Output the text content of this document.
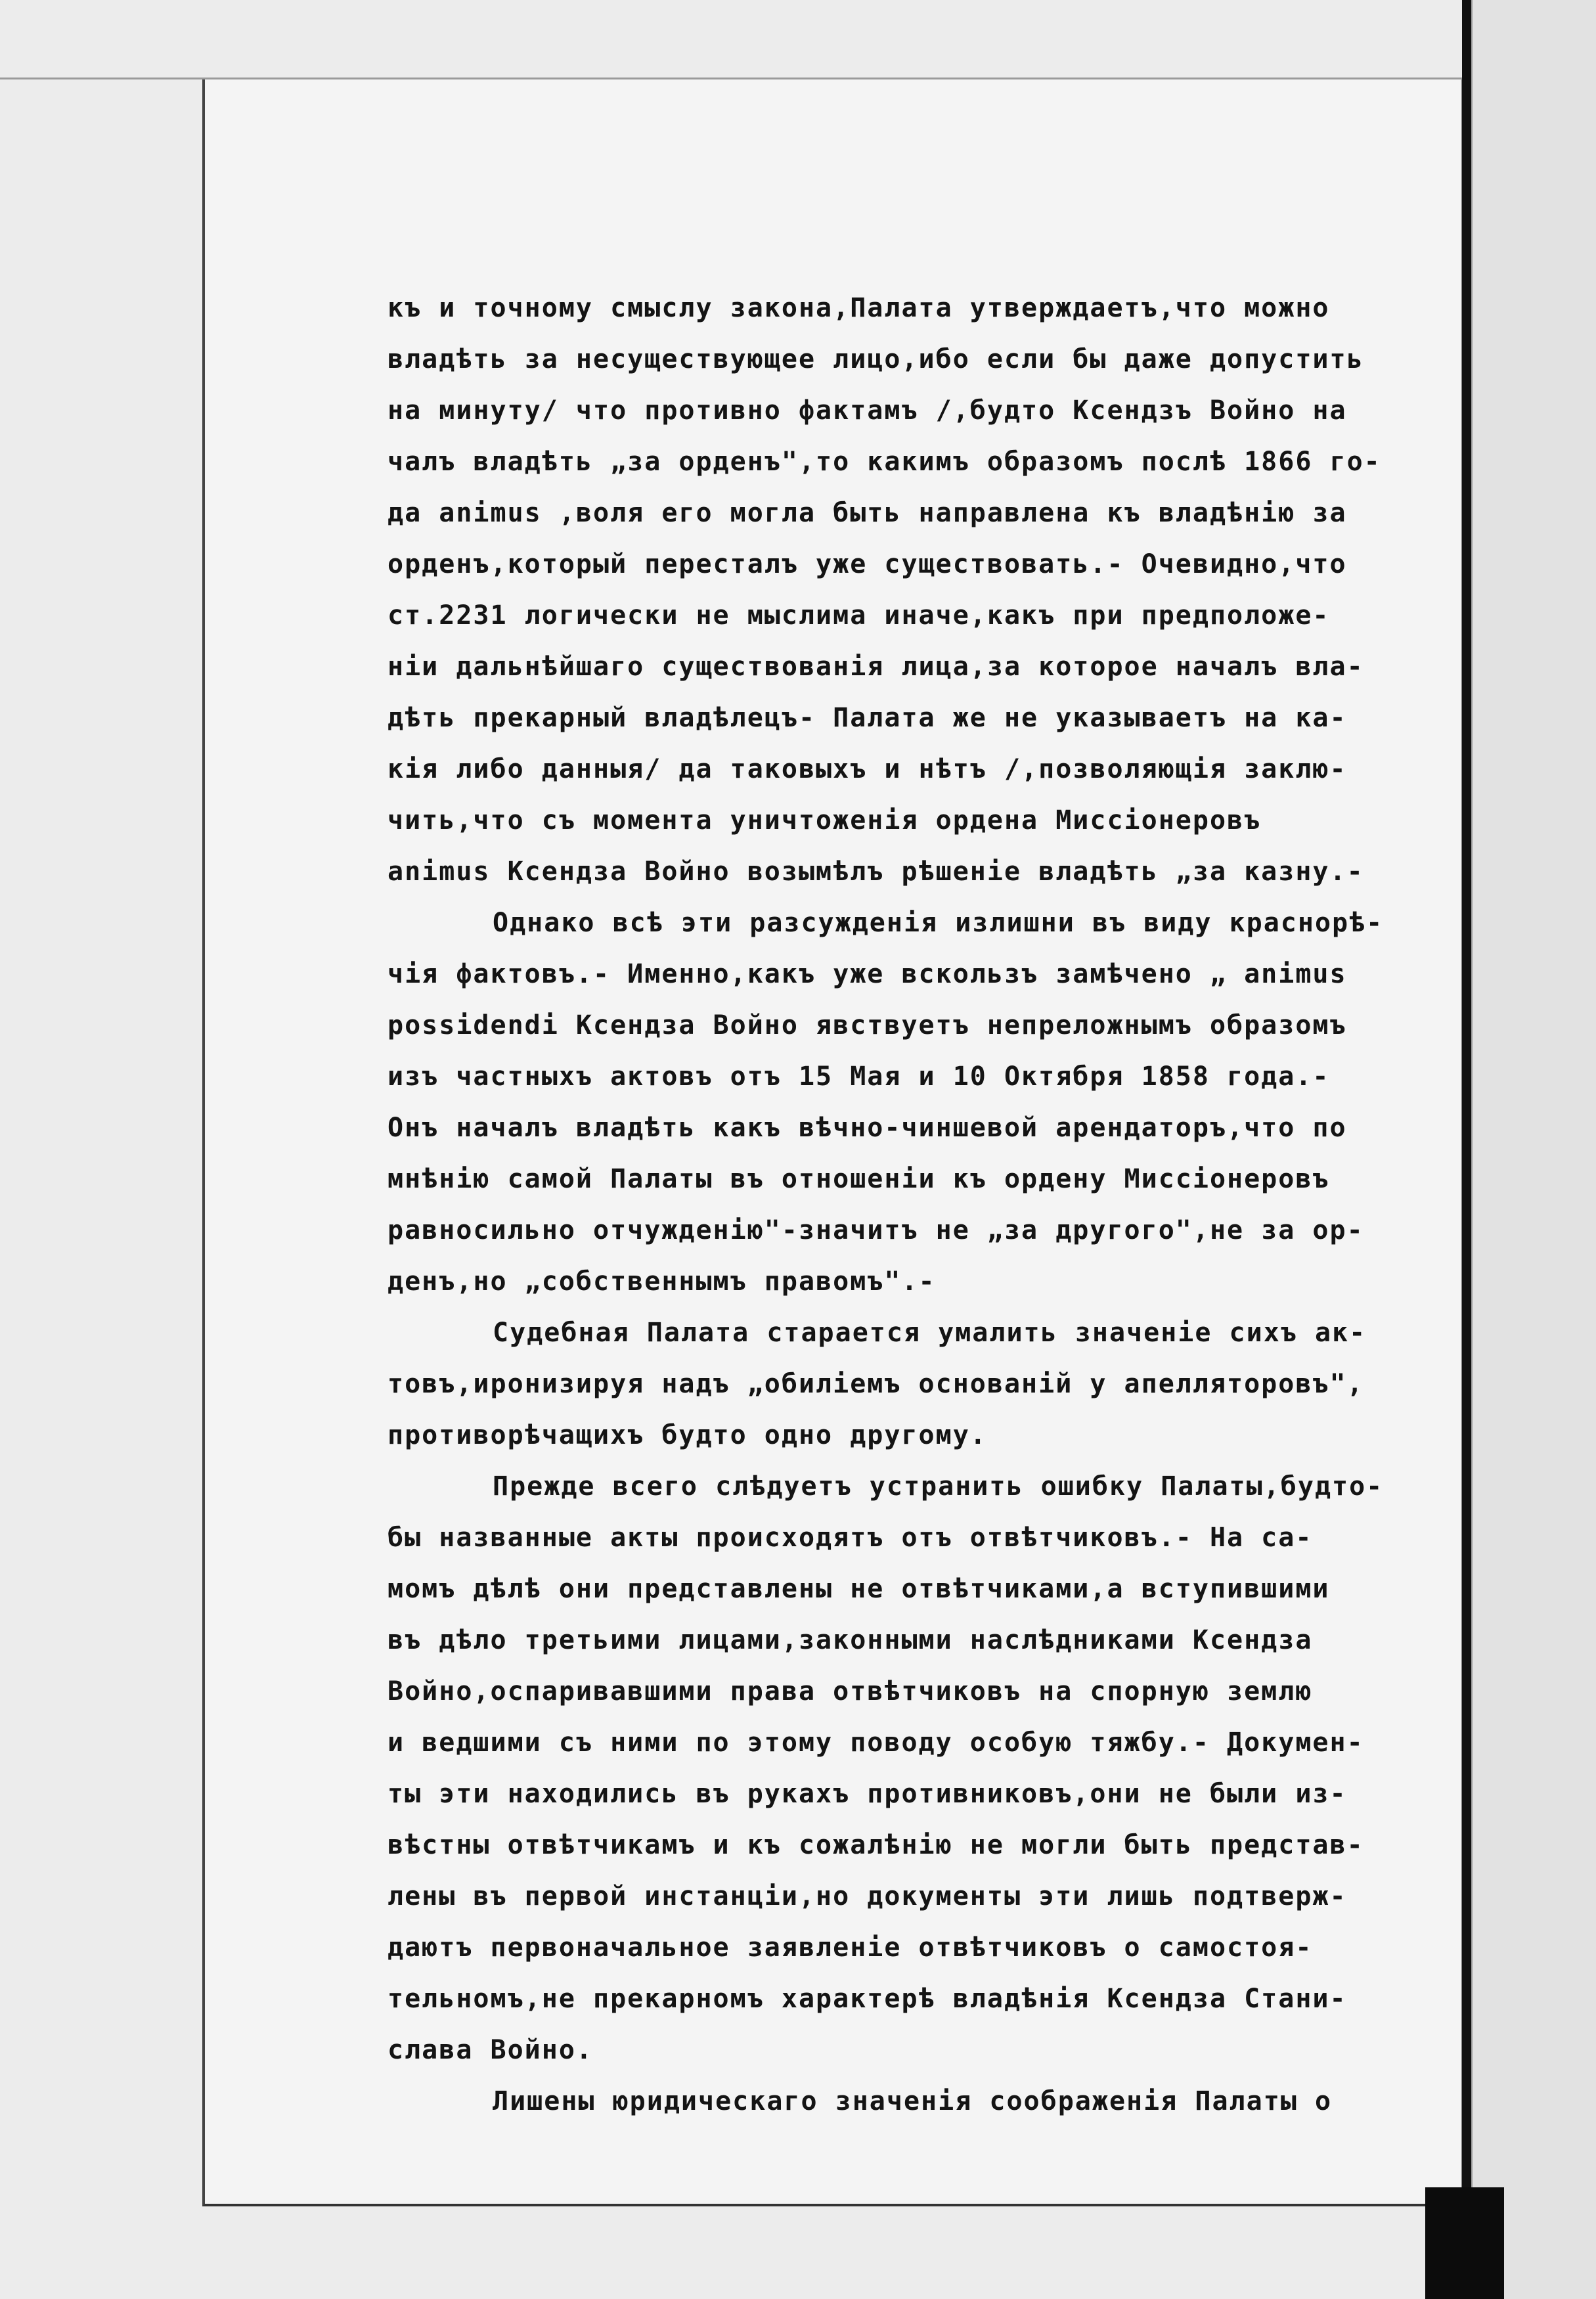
къ и точному смыслу закона,Палата утверждаетъ,что можно
владѣть за несуществующее лицо,ибо если бы даже допустить
на минуту/ что противно фактамъ /,будто Ксендзъ Войно на
чалъ владѣть „за орденъ",то какимъ образомъ послѣ 1866 го-
да animus ,воля его могла быть направлена къ владѣнію за
орденъ,который пересталъ уже существовать.- Очевидно,что
ст.2231 логически не мыслима иначе,какъ при предположе-
ніи дальнѣйшаго существованія лица,за которое началъ вла-
дѣть прекарный владѣлецъ- Палата же не указываетъ на ка-
кія либо данныя/ да таковыхъ и нѣтъ /,позволяющія заклю-
чить,что съ момента уничтоженія ордена Миссіонеровъ
animus Ксендза Войно возымѣлъ рѣшеніе владѣть „за казну.-
Однако всѣ эти разсужденія излишни въ виду краснорѣ-
чія фактовъ.- Именно,какъ уже вскользъ замѣчено „ animus
possidendi Ксендза Войно явствуетъ непреложнымъ образомъ
изъ частныхъ актовъ отъ 15 Мая и 10 Октября 1858 года.-
Онъ началъ владѣть какъ вѣчно-чиншевой арендаторъ,что по
мнѣнію самой Палаты въ отношеніи къ ордену Миссіонеровъ
равносильно отчужденію"-значитъ не „за другого",не за ор-
денъ,но „собственнымъ правомъ".-
Судебная Палата старается умалить значеніе сихъ ак-
товъ,иронизируя надъ „обиліемъ основаній у апелляторовъ",
противорѣчащихъ будто одно другому.
Прежде всего слѣдуетъ устранить ошибку Палаты,будто-
бы названные акты происходятъ отъ отвѣтчиковъ.- На са-
момъ дѣлѣ они представлены не отвѣтчиками,а вступившими
въ дѣло третьими лицами,законными наслѣдниками Ксендза
Войно,оспаривавшими права отвѣтчиковъ на спорную землю
и ведшими съ ними по этому поводу особую тяжбу.- Докумен-
ты эти находились въ рукахъ противниковъ,они не были из-
вѣстны отвѣтчикамъ и къ сожалѣнію не могли быть представ-
лены въ первой инстанціи,но документы эти лишь подтверж-
даютъ первоначальное заявленіе отвѣтчиковъ о самостоя-
тельномъ,не прекарномъ характерѣ владѣнія Ксендза Стани-
слава Войно.
Лишены юридическаго значенія соображенія Палаты о
